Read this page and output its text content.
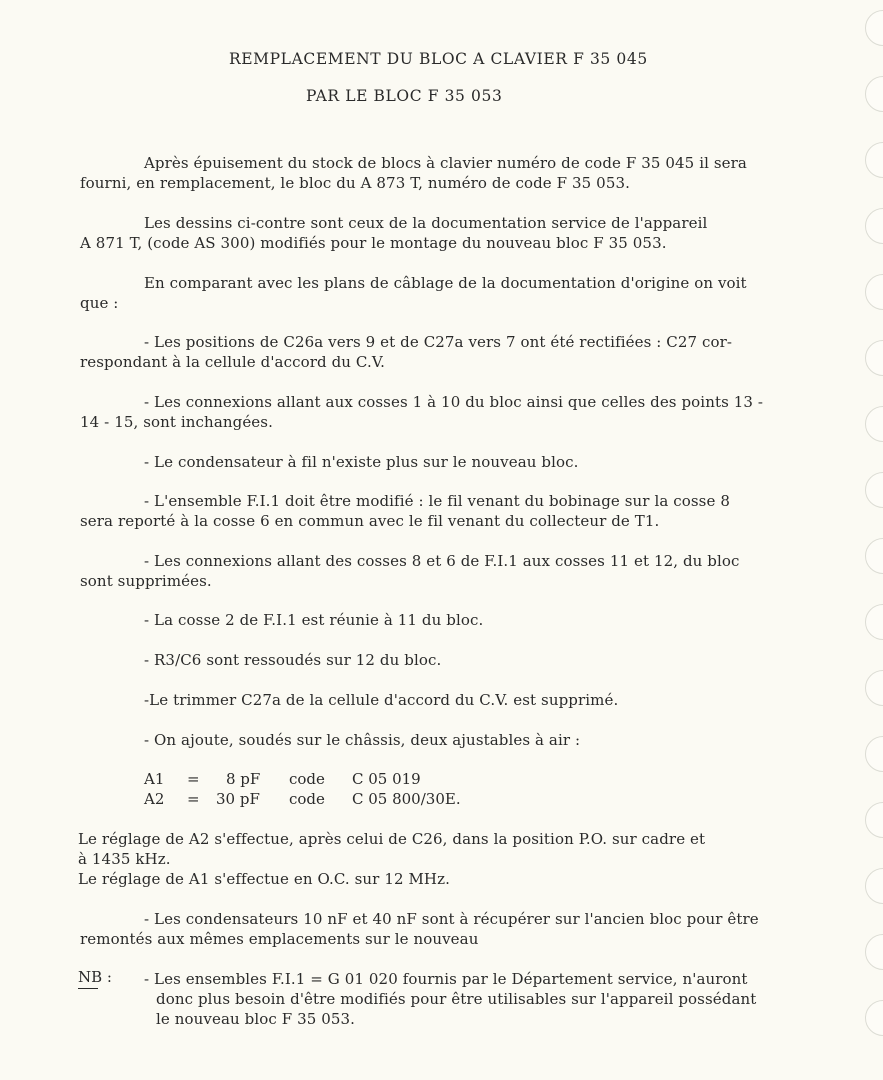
REMPLACEMENT DU BLOC A CLAVIER F 35 045
PAR LE BLOC F 35 053
Après épuisement du stock de blocs à clavier numéro de code F 35 045 il sera
fourni, en remplacement, le bloc du A 873 T, numéro de code F 35 053.
Les dessins ci-contre sont ceux de la documentation service de l'appareil
A 871 T, (code AS 300) modifiés pour le montage du nouveau bloc F 35 053.
En comparant avec les plans de câblage de la documentation d'origine on voit
que :
- Les positions de C26a vers 9 et de C27a vers 7 ont été rectifiées : C27 cor-
respondant à la cellule d'accord du C.V.
- Les connexions allant aux cosses 1 à 10 du bloc ainsi que celles des points 13 -
14 - 15, sont inchangées.
- Le condensateur à fil n'existe plus sur le nouveau bloc.
- L'ensemble F.I.1 doit être modifié : le fil venant du bobinage sur la cosse 8
sera reporté à la cosse 6 en commun avec le fil venant du collecteur de T1.
- Les connexions allant des cosses 8 et 6 de F.I.1 aux cosses 11 et 12, du bloc
sont supprimées.
- La cosse 2 de F.I.1 est réunie à 11 du bloc.
- R3/C6 sont ressoudés sur 12 du bloc.
-Le trimmer C27a de la cellule d'accord du C.V. est supprimé.
- On ajoute, soudés sur le châssis, deux ajustables à air :
A1 = 8 pF code C 05 019
A2 = 30 pF code C 05 800/30E.
Le réglage de A2 s'effectue, après celui de C26, dans la position P.O. sur cadre et
à 1435 kHz.
Le réglage de A1 s'effectue en O.C. sur 12 MHz.
- Les condensateurs 10 nF et 40 nF sont à récupérer sur l'ancien bloc pour être
remontés aux mêmes emplacements sur le nouveau
NB : - Les ensembles F.I.1 = G 01 020 fournis par le Département service, n'auront
donc plus besoin d'être modifiés pour être utilisables sur l'appareil possédant
le nouveau bloc F 35 053.
